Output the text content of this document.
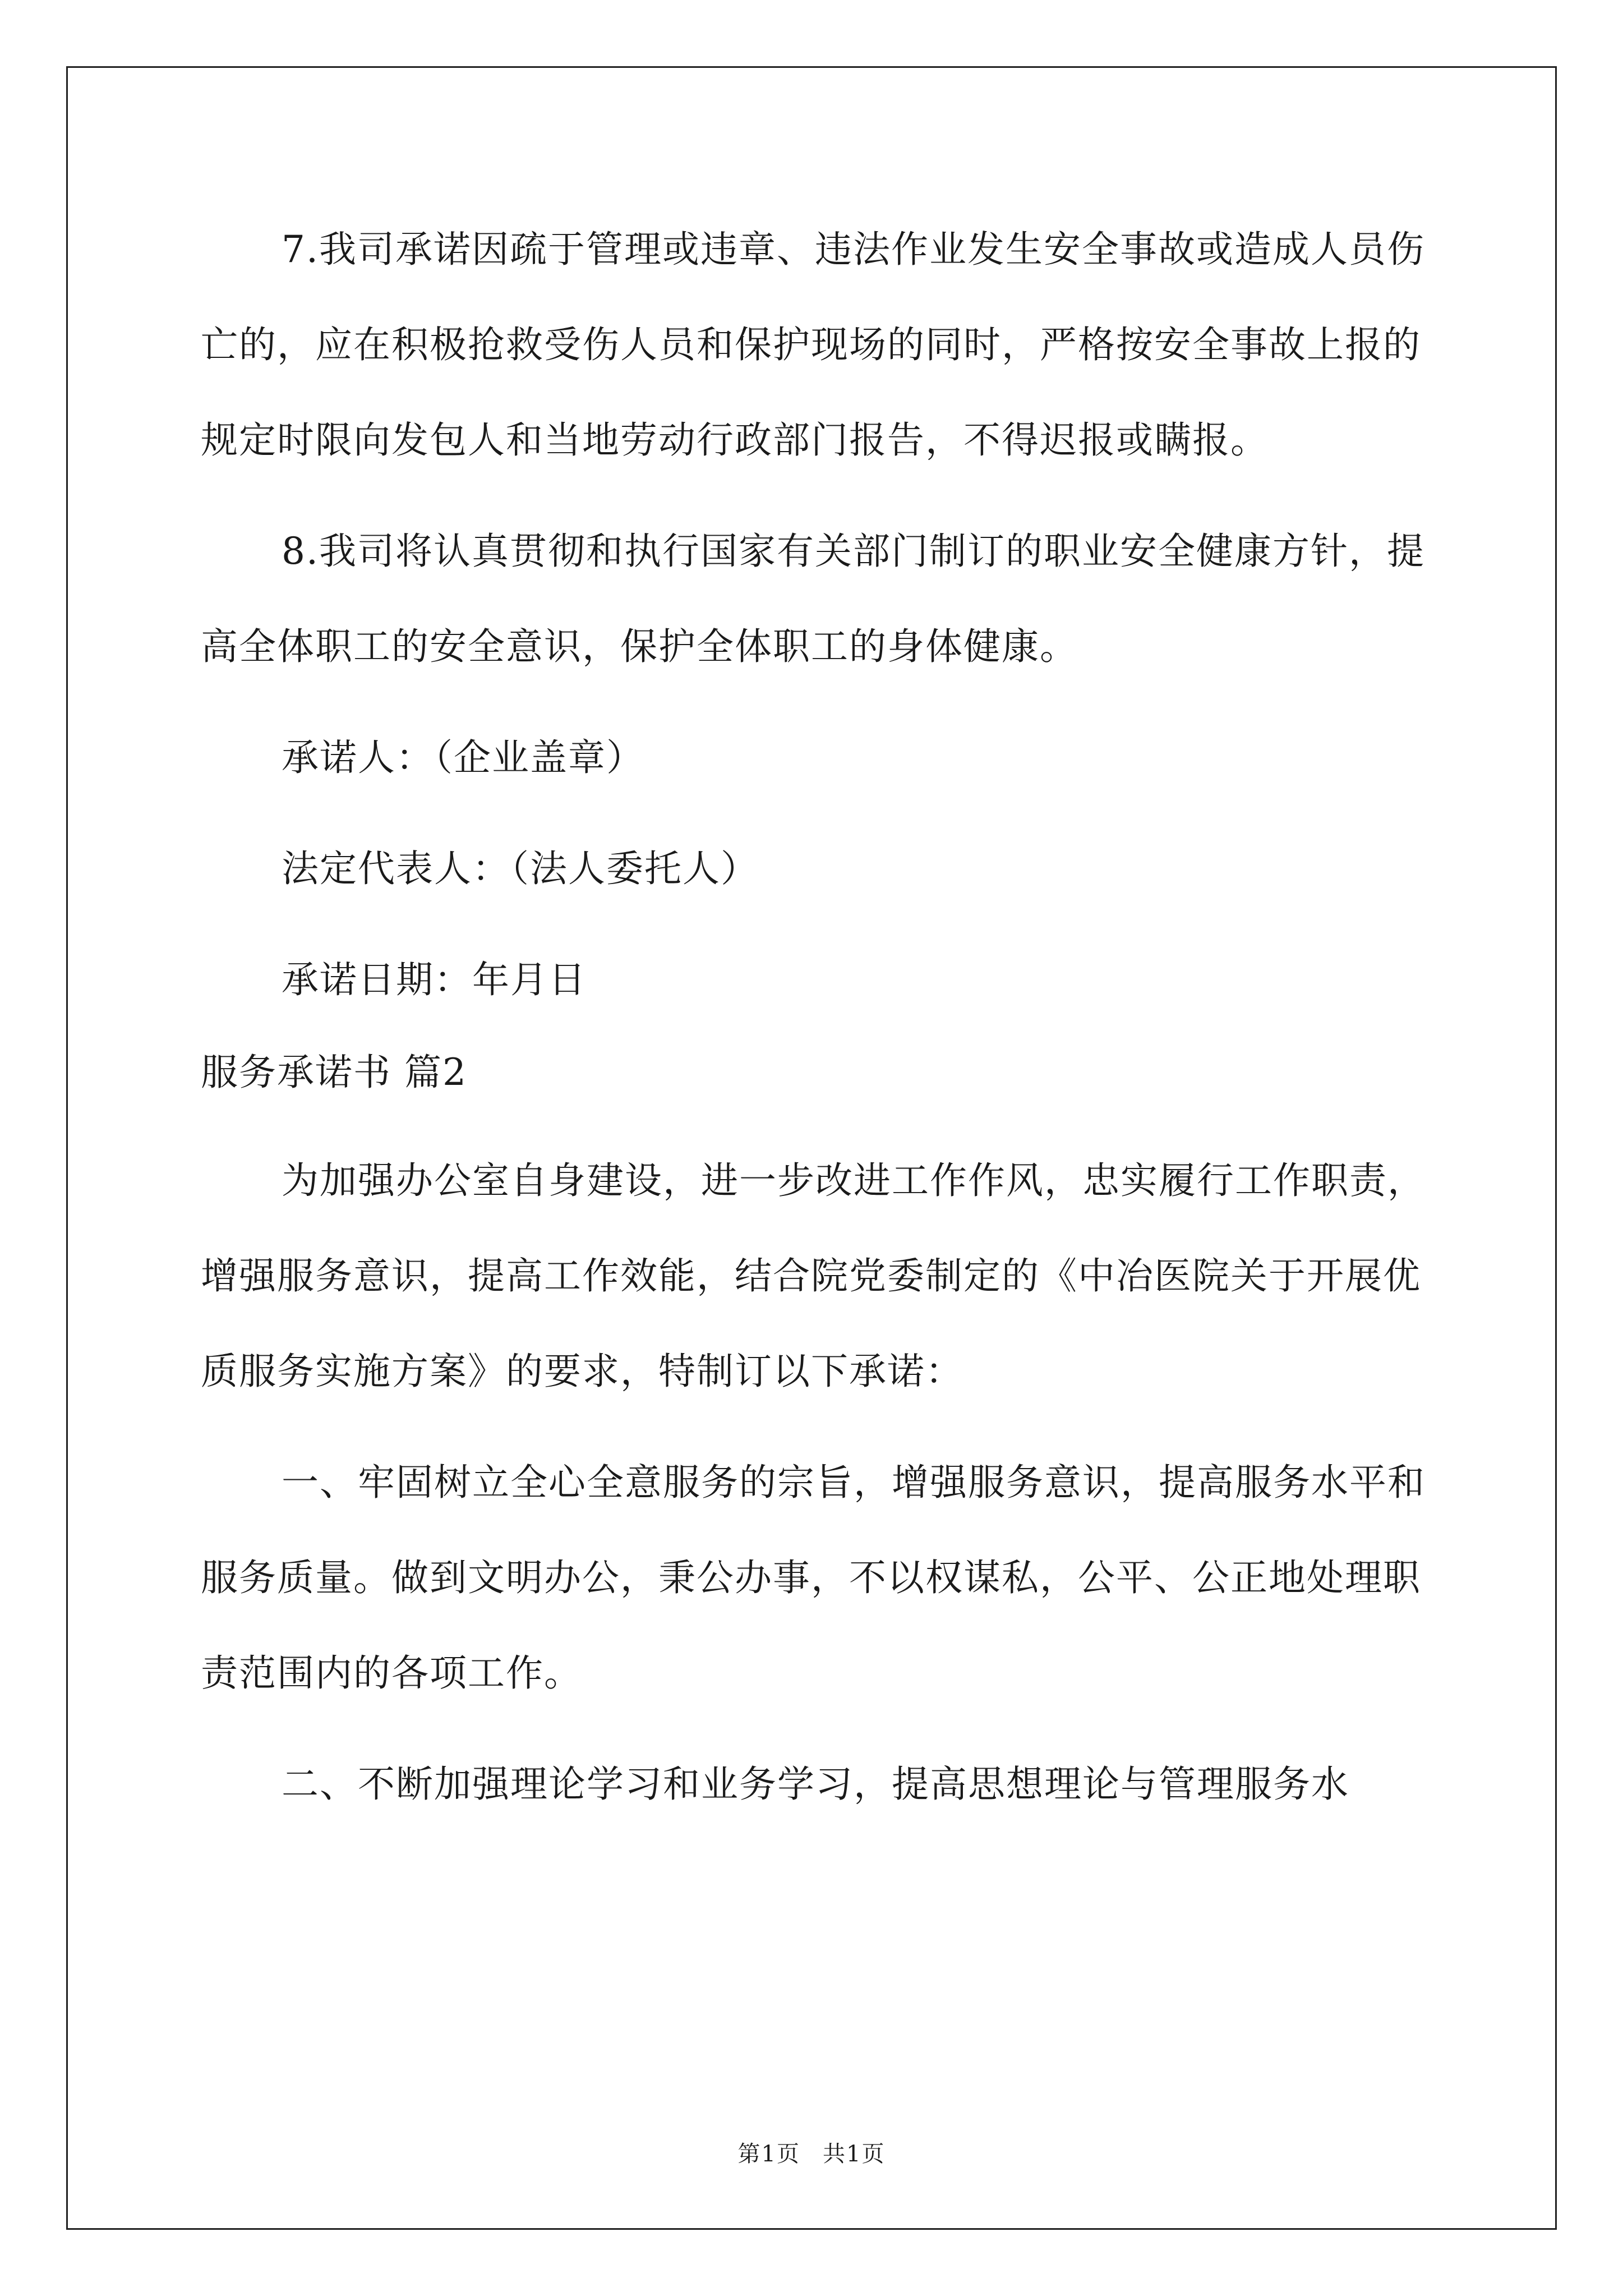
7.我司承诺因疏于管理或违章、违法作业发生安全事故或造成人员伤亡的，应在积极抢救受伤人员和保护现场的同时，严格按安全事故上报的规定时限向发包人和当地劳动行政部门报告，不得迟报或瞒报。

8.我司将认真贯彻和执行国家有关部门制订的职业安全健康方针，提高全体职工的安全意识，保护全体职工的身体健康。

承诺人：（企业盖章）

法定代表人：（法人委托人）

承诺日期：年月日

服务承诺书 篇2

为加强办公室自身建设，进一步改进工作作风，忠实履行工作职责，增强服务意识，提高工作效能，结合院党委制定的《中冶医院关于开展优质服务实施方案》的要求，特制订以下承诺：

一、牢固树立全心全意服务的宗旨，增强服务意识，提高服务水平和服务质量。做到文明办公，秉公办事，不以权谋私，公平、公正地处理职责范围内的各项工作。

二、不断加强理论学习和业务学习，提高思想理论与管理服务水

第1页 共1页
